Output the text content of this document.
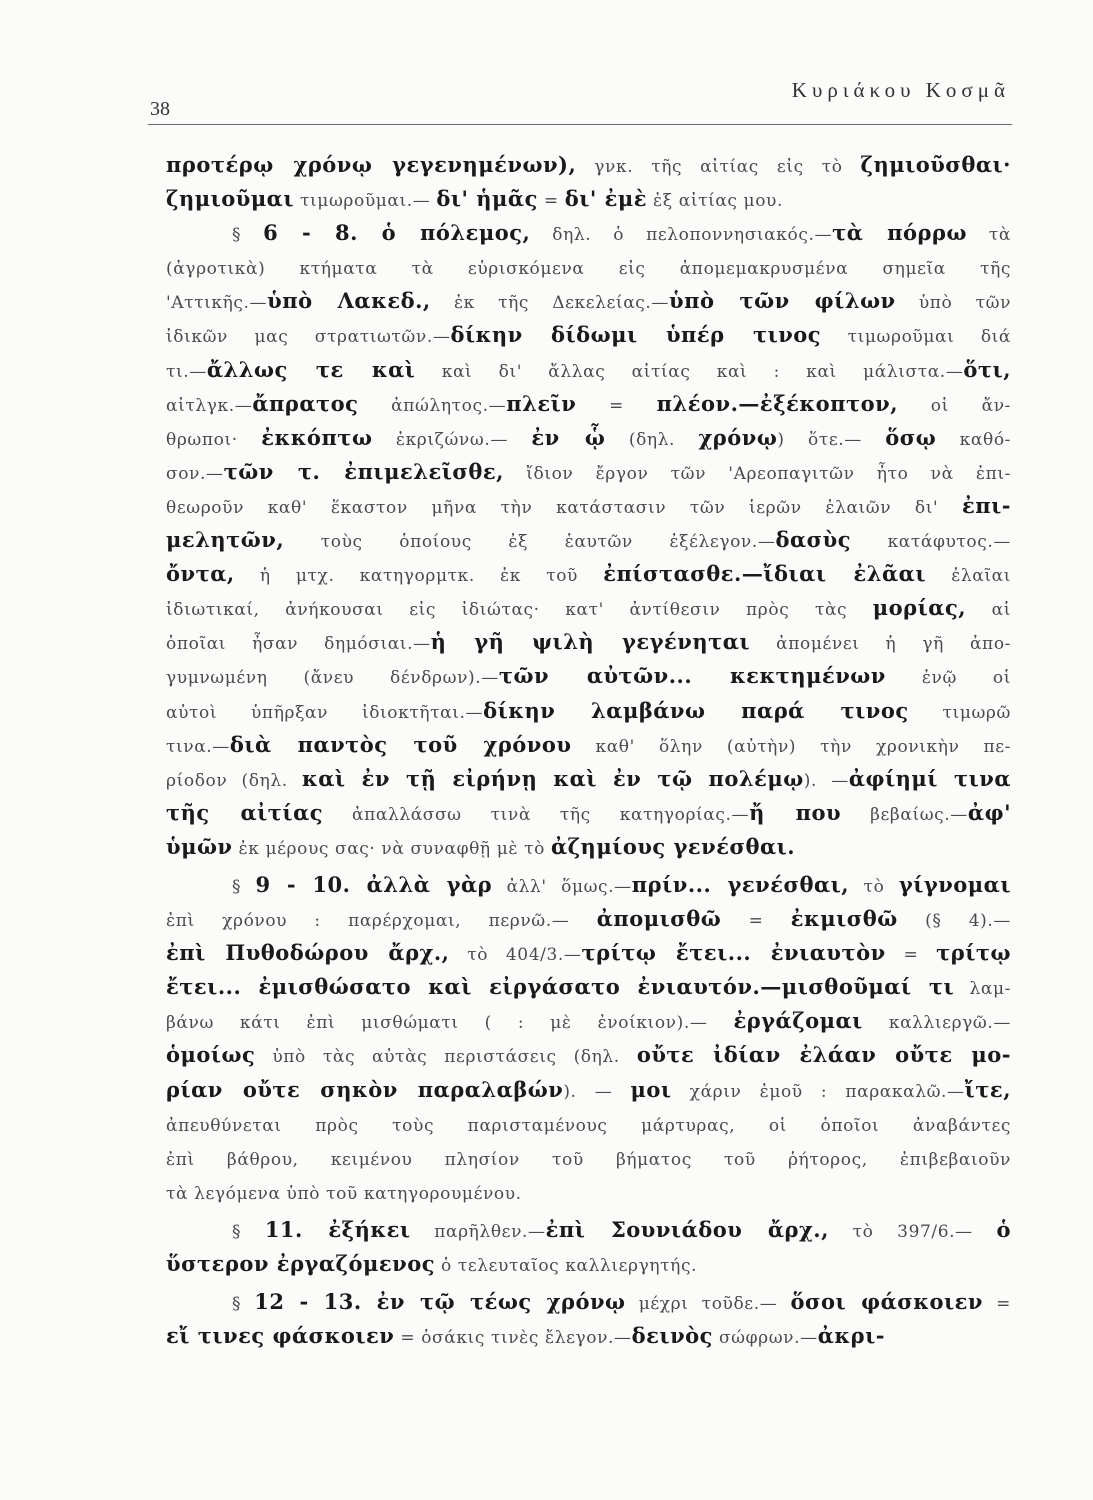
38
Κυριάκου Κοσμᾶ
προτέρῳ χρόνῳ γεγενημένων), γνκ. τῆς αἰτίας εἰς τὸ ζημιοῦσθαι·
ζημιοῦμαι τιμωροῦμαι.— δι' ἡμᾶς = δι' ἐμὲ ἐξ αἰτίας μου.
§ 6 - 8. ὁ πόλεμος, δηλ. ὁ πελοποννησιακός.—τὰ πόρρω τὰ
(ἀγροτικὰ) κτήματα τὰ εὑρισκόμενα εἰς ἀπομεμακρυσμένα σημεῖα τῆς
'Αττικῆς.—ὑπὸ Λακεδ., ἐκ τῆς Δεκελείας.—ὑπὸ τῶν φίλων ὑπὸ τῶν
ἰδικῶν μας στρατιωτῶν.—δίκην δίδωμι ὑπέρ τινος τιμωροῦμαι διά
τι.—ἄλλως τε καὶ καὶ δι' ἄλλας αἰτίας καὶ : καὶ μάλιστα.—ὅτι,
αἰτλγκ.—ἄπρατος ἀπώλητος.—πλεῖν = πλέον.—ἐξέκοπτον, οἱ ἄν-
θρωποι· ἐκκόπτω ἐκριζώνω.— ἐν ᾧ (δηλ. χρόνῳ) ὅτε.— ὅσῳ καθό-
σον.—τῶν τ. ἐπιμελεῖσθε, ἴδιον ἔργον τῶν 'Αρεοπαγιτῶν ἦτο νὰ ἐπι-
θεωροῦν καθ' ἕκαστον μῆνα τὴν κατάστασιν τῶν ἱερῶν ἐλαιῶν δι' ἐπι-
μελητῶν, τοὺς ὁποίους ἐξ ἑαυτῶν ἐξέλεγον.—δασὺς κατάφυτος.—
ὄντα, ἡ μτχ. κατηγορμτκ. ἐκ τοῦ ἐπίστασθε.—ἴδιαι ἐλᾶαι ἐλαῖαι
ἰδιωτικαί, ἀνήκουσαι εἰς ἰδιώτας· κατ' ἀντίθεσιν πρὸς τὰς μορίας, αἱ
ὁποῖαι ἦσαν δημόσιαι.—ἡ γῆ ψιλὴ γεγένηται ἀπομένει ἡ γῆ ἀπο-
γυμνωμένη (ἄνευ δένδρων).—τῶν αὐτῶν... κεκτημένων ἐνῷ οἱ
αὐτοὶ ὑπῆρξαν ἰδιοκτῆται.—δίκην λαμβάνω παρά τινος τιμωρῶ
τινα.—διὰ παντὸς τοῦ χρόνου καθ' ὅλην (αὐτὴν) τὴν χρονικὴν πε-
ρίοδον (δηλ. καὶ ἐν τῇ εἰρήνῃ καὶ ἐν τῷ πολέμῳ). —ἀφίημί τινα
τῆς αἰτίας ἀπαλλάσσω τινὰ τῆς κατηγορίας.—ἤ που βεβαίως.—ἀφ'
ὑμῶν ἐκ μέρους σας· νὰ συναφθῇ μὲ τὸ ἀζημίους γενέσθαι.
§ 9 - 10. ἀλλὰ γὰρ ἀλλ' ὅμως.—πρίν... γενέσθαι, τὸ γίγνομαι
ἐπὶ χρόνου : παρέρχομαι, περνῶ.— ἀπομισθῶ = ἐκμισθῶ (§ 4).—
ἐπὶ Πυθοδώρου ἄρχ., τὸ 404/3.—τρίτῳ ἔτει... ἐνιαυτὸν = τρίτῳ
ἔτει... ἐμισθώσατο καὶ εἰργάσατο ἐνιαυτόν.—μισθοῦμαί τι λαμ-
βάνω κάτι ἐπὶ μισθώματι ( : μὲ ἐνοίκιον).— ἐργάζομαι καλλιεργῶ.—
ὁμοίως ὑπὸ τὰς αὐτὰς περιστάσεις (δηλ. οὔτε ἰδίαν ἐλάαν οὔτε μο-
ρίαν οὔτε σηκὸν παραλαβών). — μοι χάριν ἐμοῦ : παρακαλῶ.—ἴτε,
ἀπευθύνεται πρὸς τοὺς παρισταμένους μάρτυρας, οἱ ὁποῖοι ἀναβάντες
ἐπὶ βάθρου, κειμένου πλησίον τοῦ βήματος τοῦ ῥήτορος, ἐπιβεβαιοῦν
τὰ λεγόμενα ὑπὸ τοῦ κατηγορουμένου.
§ 11. ἐξήκει παρῆλθεν.—ἐπὶ Σουνιάδου ἄρχ., τὸ 397/6.— ὁ
ὕστερον ἐργαζόμενος ὁ τελευταῖος καλλιεργητής.
§ 12 - 13. ἐν τῷ τέως χρόνῳ μέχρι τοῦδε.— ὅσοι φάσκοιεν =
εἴ τινες φάσκοιεν = ὁσάκις τινὲς ἔλεγον.—δεινὸς σώφρων.—ἀκρι-
